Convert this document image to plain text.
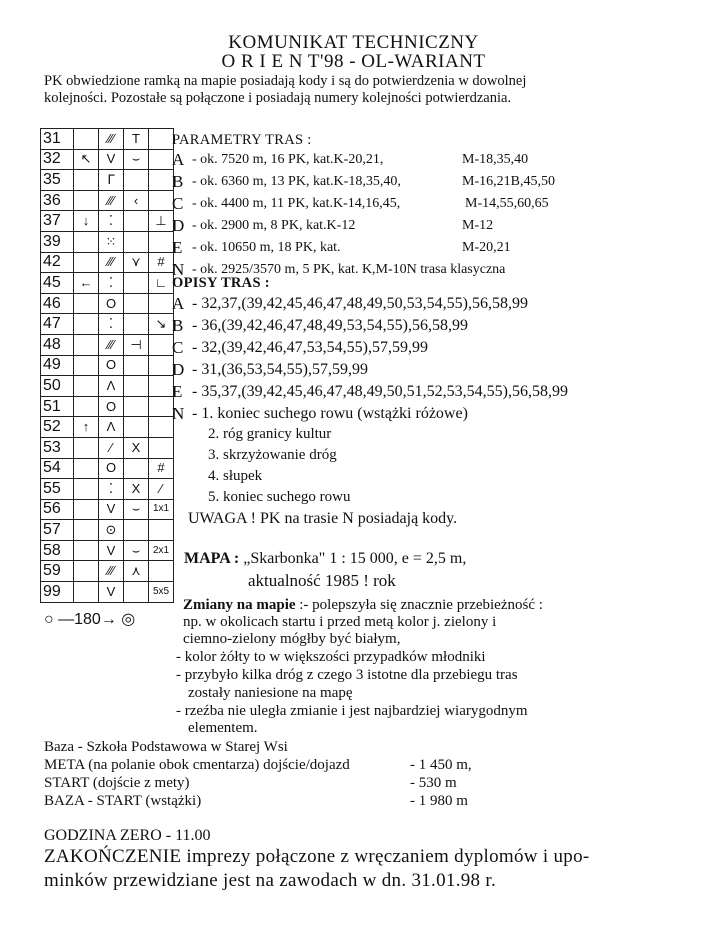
KOMUNIKAT TECHNICZNY
O R I E N T'98 - OL-WARIANT
PK obwiedzione ramką na mapie posiadają kody i są do potwierdzenia w dowolnej
kolejności. Pozostałe są połączone i posiadają numery kolejności potwierdzania.
31		⁄⁄⁄	T	
32	↖	V	⌣	
35		ᒥ		
36		⁄⁄⁄	‹	
37	↓	⁚		⊥
39		⁙		
42		⁄⁄⁄	⋎	#
45	←	⁚		∟
46		O		
47		⁚		↘
48		⁄⁄⁄	⊣	
49		O		
50		Λ		
51		O		
52	↑	Λ		
53		⁄	X	
54		O		#
55		⁚	X	⁄
56		V	⌣	1x1
57		⊙		
58		V	⌣	2x1
59		⁄⁄⁄	⋏	
99		V		5x5
○ —180→ ◎
PARAMETRY TRAS :
A - ok. 7520 m, 16 PK, kat.K-20,21,	M-18,35,40
B - ok. 6360 m, 13 PK, kat.K-18,35,40,	M-16,21B,45,50
C - ok. 4400 m, 11 PK, kat.K-14,16,45,	M-14,55,60,65
D - ok. 2900 m, 8 PK, kat.K-12	M-12
E - ok. 10650 m, 18 PK, kat.	M-20,21
N - ok. 2925/3570 m, 5 PK, kat. K,M-10N trasa klasyczna
OPISY TRAS :
A - 32,37,(39,42,45,46,47,48,49,50,53,54,55),56,58,99
B - 36,(39,42,46,47,48,49,53,54,55),56,58,99
C - 32,(39,42,46,47,53,54,55),57,59,99
D - 31,(36,53,54,55),57,59,99
E - 35,37,(39,42,45,46,47,48,49,50,51,52,53,54,55),56,58,99
N - 1. koniec suchego rowu (wstążki różowe)
2. róg granicy kultur
3. skrzyżowanie dróg
4. słupek
5. koniec suchego rowu
UWAGA ! PK na trasie N posiadają kody.
MAPA : „Skarbonka" 1 : 15 000, e = 2,5 m,
aktualność 1985 ! rok
Zmiany na mapie :- polepszyła się znacznie przebieżność :
np. w okolicach startu i przed metą kolor j. zielony i
ciemno-zielony mógłby być białym,
- kolor żółty to w większości przypadków młodniki
- przybyło kilka dróg z czego 3 istotne dla przebiegu tras
zostały naniesione na mapę
- rzeźba nie uległa zmianie i jest najbardziej wiarygodnym
elementem.
Baza - Szkoła Podstawowa w Starej Wsi
META (na polanie obok cmentarza) dojście/dojazd	- 1 450 m,
START (dojście z mety)	- 530 m
BAZA - START (wstążki)	- 1 980 m
GODZINA ZERO - 11.00
ZAKOŃCZENIE imprezy połączone z wręczaniem dyplomów i upo-
minków przewidziane jest na zawodach w dn. 31.01.98 r.
